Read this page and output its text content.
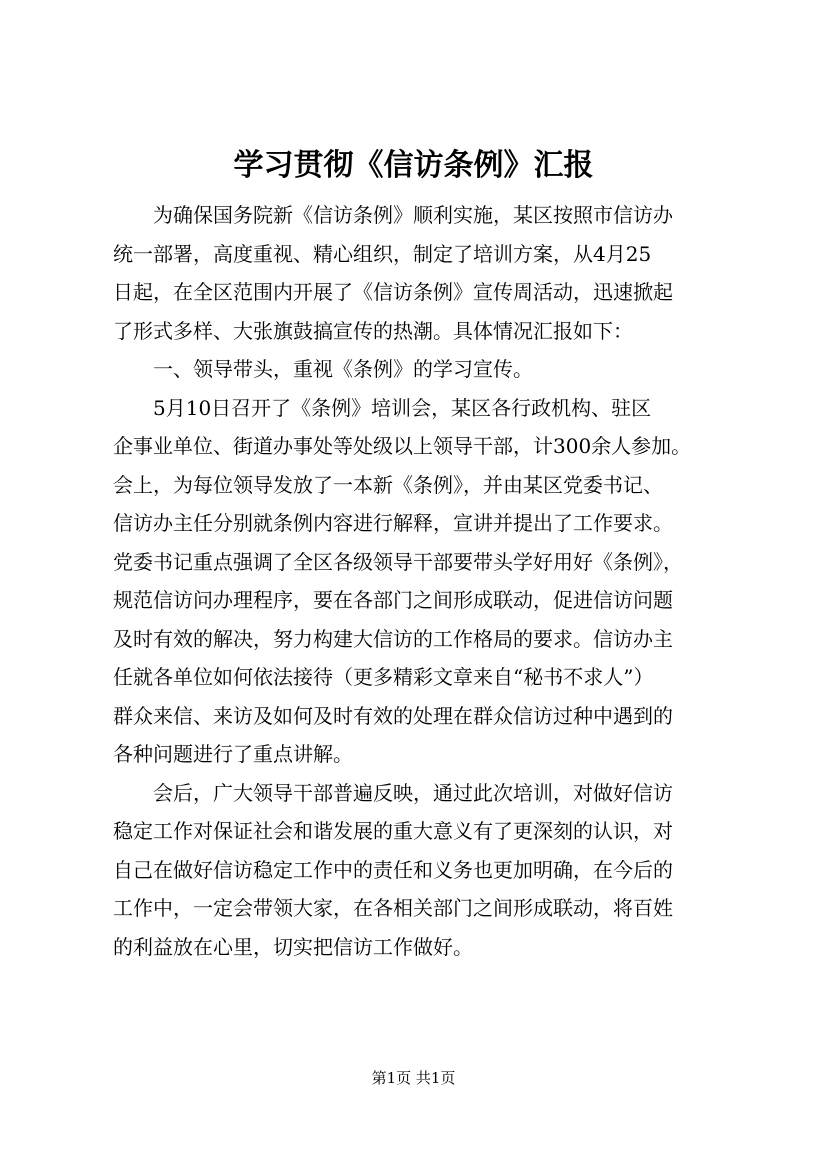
学习贯彻《信访条例》汇报
为确保国务院新《信访条例》顺利实施，某区按照市信访办
统一部署，高度重视、精心组织，制定了培训方案，从4月25
日起，在全区范围内开展了《信访条例》宣传周活动，迅速掀起
了形式多样、大张旗鼓搞宣传的热潮。具体情况汇报如下：
一、领导带头，重视《条例》的学习宣传。
5月10日召开了《条例》培训会，某区各行政机构、驻区
企事业单位、街道办事处等处级以上领导干部，计300余人参加。
会上，为每位领导发放了一本新《条例》，并由某区党委书记、
信访办主任分别就条例内容进行解释，宣讲并提出了工作要求。
党委书记重点强调了全区各级领导干部要带头学好用好《条例》，
规范信访问办理程序，要在各部门之间形成联动，促进信访问题
及时有效的解决，努力构建大信访的工作格局的要求。信访办主
任就各单位如何依法接待（更多精彩文章来自“秘书不求人”）
群众来信、来访及如何及时有效的处理在群众信访过种中遇到的
各种问题进行了重点讲解。
会后，广大领导干部普遍反映，通过此次培训，对做好信访
稳定工作对保证社会和谐发展的重大意义有了更深刻的认识，对
自己在做好信访稳定工作中的责任和义务也更加明确，在今后的
工作中，一定会带领大家，在各相关部门之间形成联动，将百姓
的利益放在心里，切实把信访工作做好。
第1页 共1页
